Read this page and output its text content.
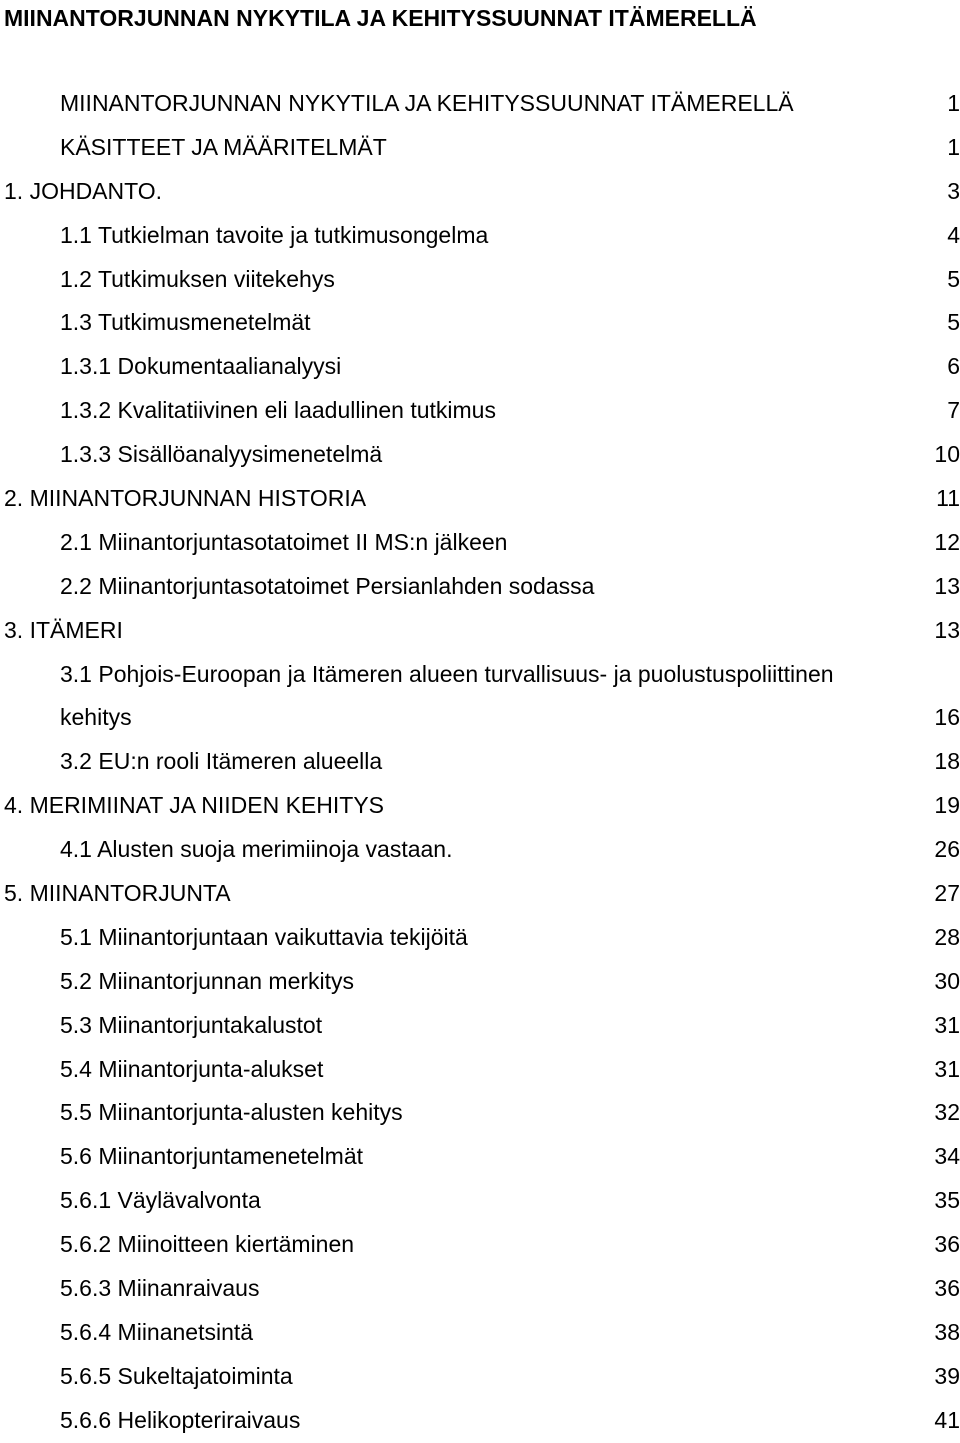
MIINANTORJUNNAN NYKYTILA JA KEHITYSSUUNNAT ITÄMERELLÄ
MIINANTORJUNNAN NYKYTILA JA KEHITYSSUUNNAT ITÄMERELLÄ	1
KÄSITTEET JA MÄÄRITELMÄT	1
1. JOHDANTO.	3
1.1 Tutkielman tavoite ja tutkimusongelma	4
1.2 Tutkimuksen viitekehys	5
1.3 Tutkimusmenetelmät	5
1.3.1 Dokumentaalianalyysi	6
1.3.2 Kvalitatiivinen eli laadullinen tutkimus	7
1.3.3 Sisällöanalyysimenetelmä	10
2. MIINANTORJUNNAN HISTORIA	11
2.1 Miinantorjuntasotatoimet II MS:n jälkeen	12
2.2 Miinantorjuntasotatoimet Persianlahden sodassa	13
3. ITÄMERI	13
3.1 Pohjois-Euroopan ja Itämeren alueen turvallisuus- ja puolustuspoliittinen
kehitys	16
3.2 EU:n rooli Itämeren alueella	18
4. MERIMIINAT JA NIIDEN KEHITYS	19
4.1 Alusten suoja merimiinoja vastaan.	26
5. MIINANTORJUNTA	27
5.1 Miinantorjuntaan vaikuttavia tekijöitä	28
5.2 Miinantorjunnan merkitys	30
5.3 Miinantorjuntakalustot	31
5.4 Miinantorjunta-alukset	31
5.5 Miinantorjunta-alusten kehitys	32
5.6 Miinantorjuntamenetelmät	34
5.6.1 Väylävalvonta	35
5.6.2 Miinoitteen kiertäminen	36
5.6.3 Miinanraivaus	36
5.6.4 Miinanetsintä	38
5.6.5 Sukeltajatoiminta	39
5.6.6 Helikopteriraivaus	41
